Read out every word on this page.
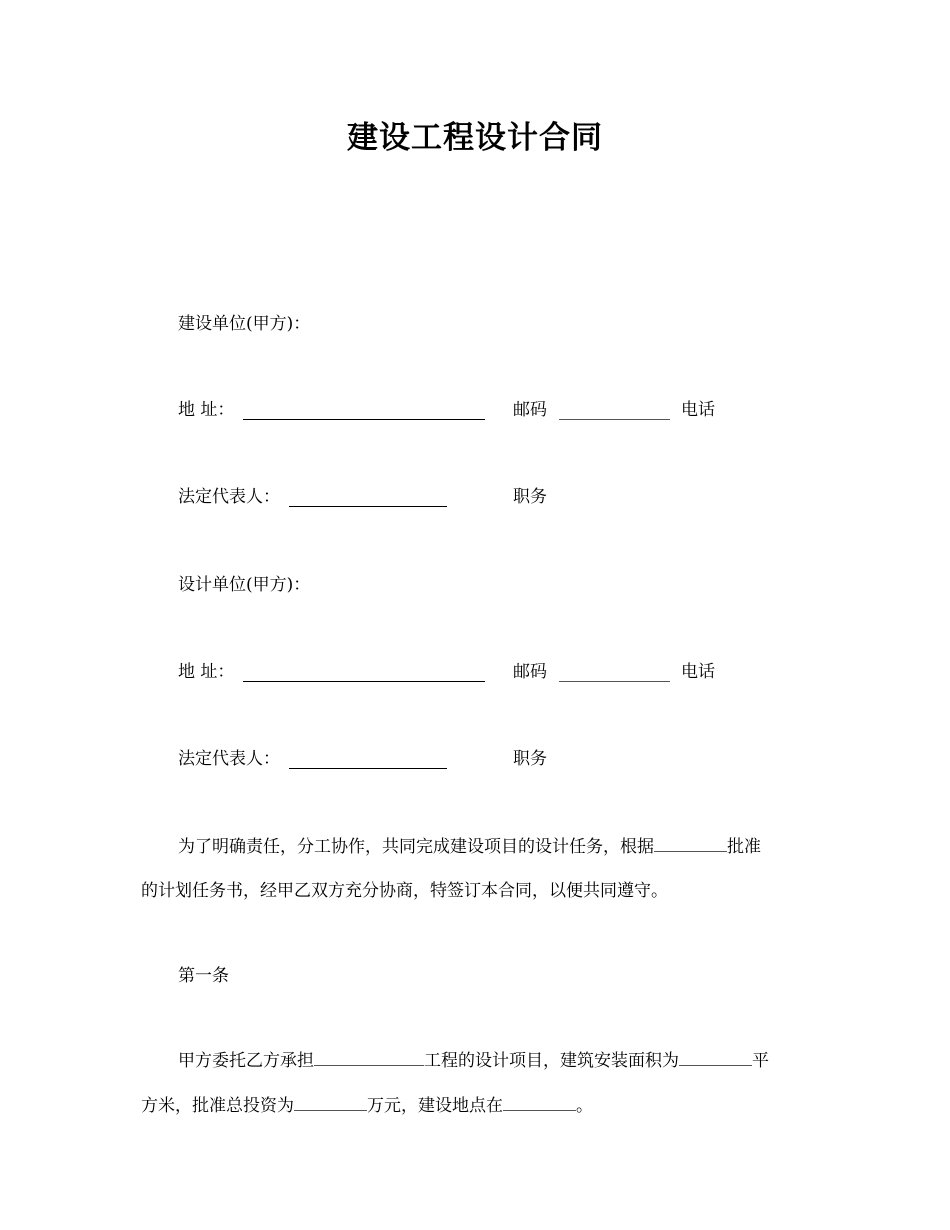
建设工程设计合同
建设单位(甲方)：
地 址：	邮码	电话
法定代表人：	职务
设计单位(甲方)：
地 址：	邮码	电话
法定代表人：	职务
为了明确责任，分工协作，共同完成建设项目的设计任务，根据	批准
的计划任务书，经甲乙双方充分协商，特签订本合同，以便共同遵守。
第一条
甲方委托乙方承担	工程的设计项目，建筑安装面积为	平
方米，批准总投资为	万元，建设地点在	。
